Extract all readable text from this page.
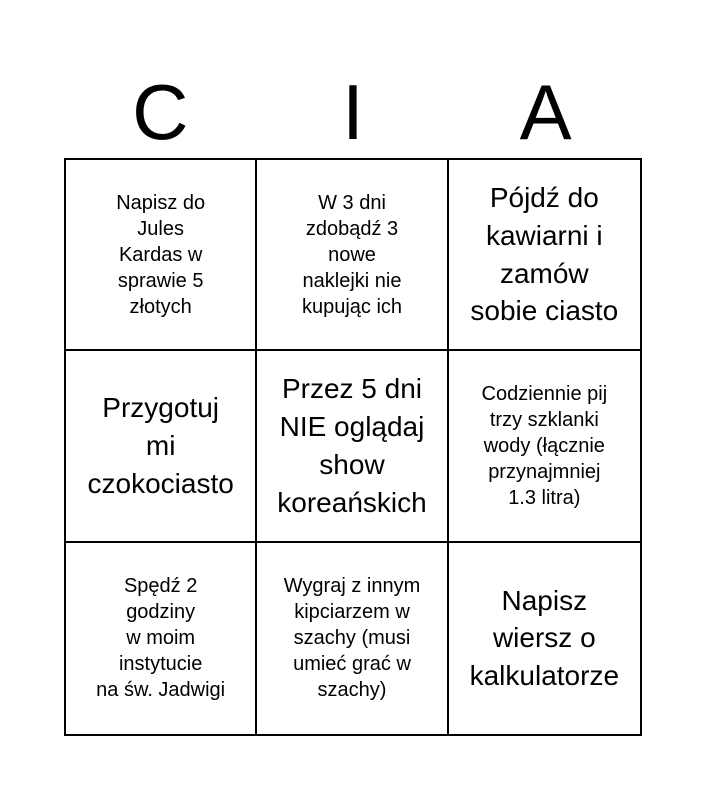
C	I	A
Napisz do
Jules
Kardas w
sprawie 5
złotych
W 3 dni
zdobądź 3
nowe
naklejki nie
kupując ich
Pójdź do
kawiarni i
zamów
sobie ciasto
Przygotuj
mi
czokociasto
Przez 5 dni
NIE oglądaj
show
koreańskich
Codziennie pij
trzy szklanki
wody (łącznie
przynajmniej
1.3 litra)
Spędź 2
godziny
w moim
instytucie
na św. Jadwigi
Wygraj z innym
kipciarzem w
szachy (musi
umieć grać w
szachy)
Napisz
wiersz o
kalkulatorze
